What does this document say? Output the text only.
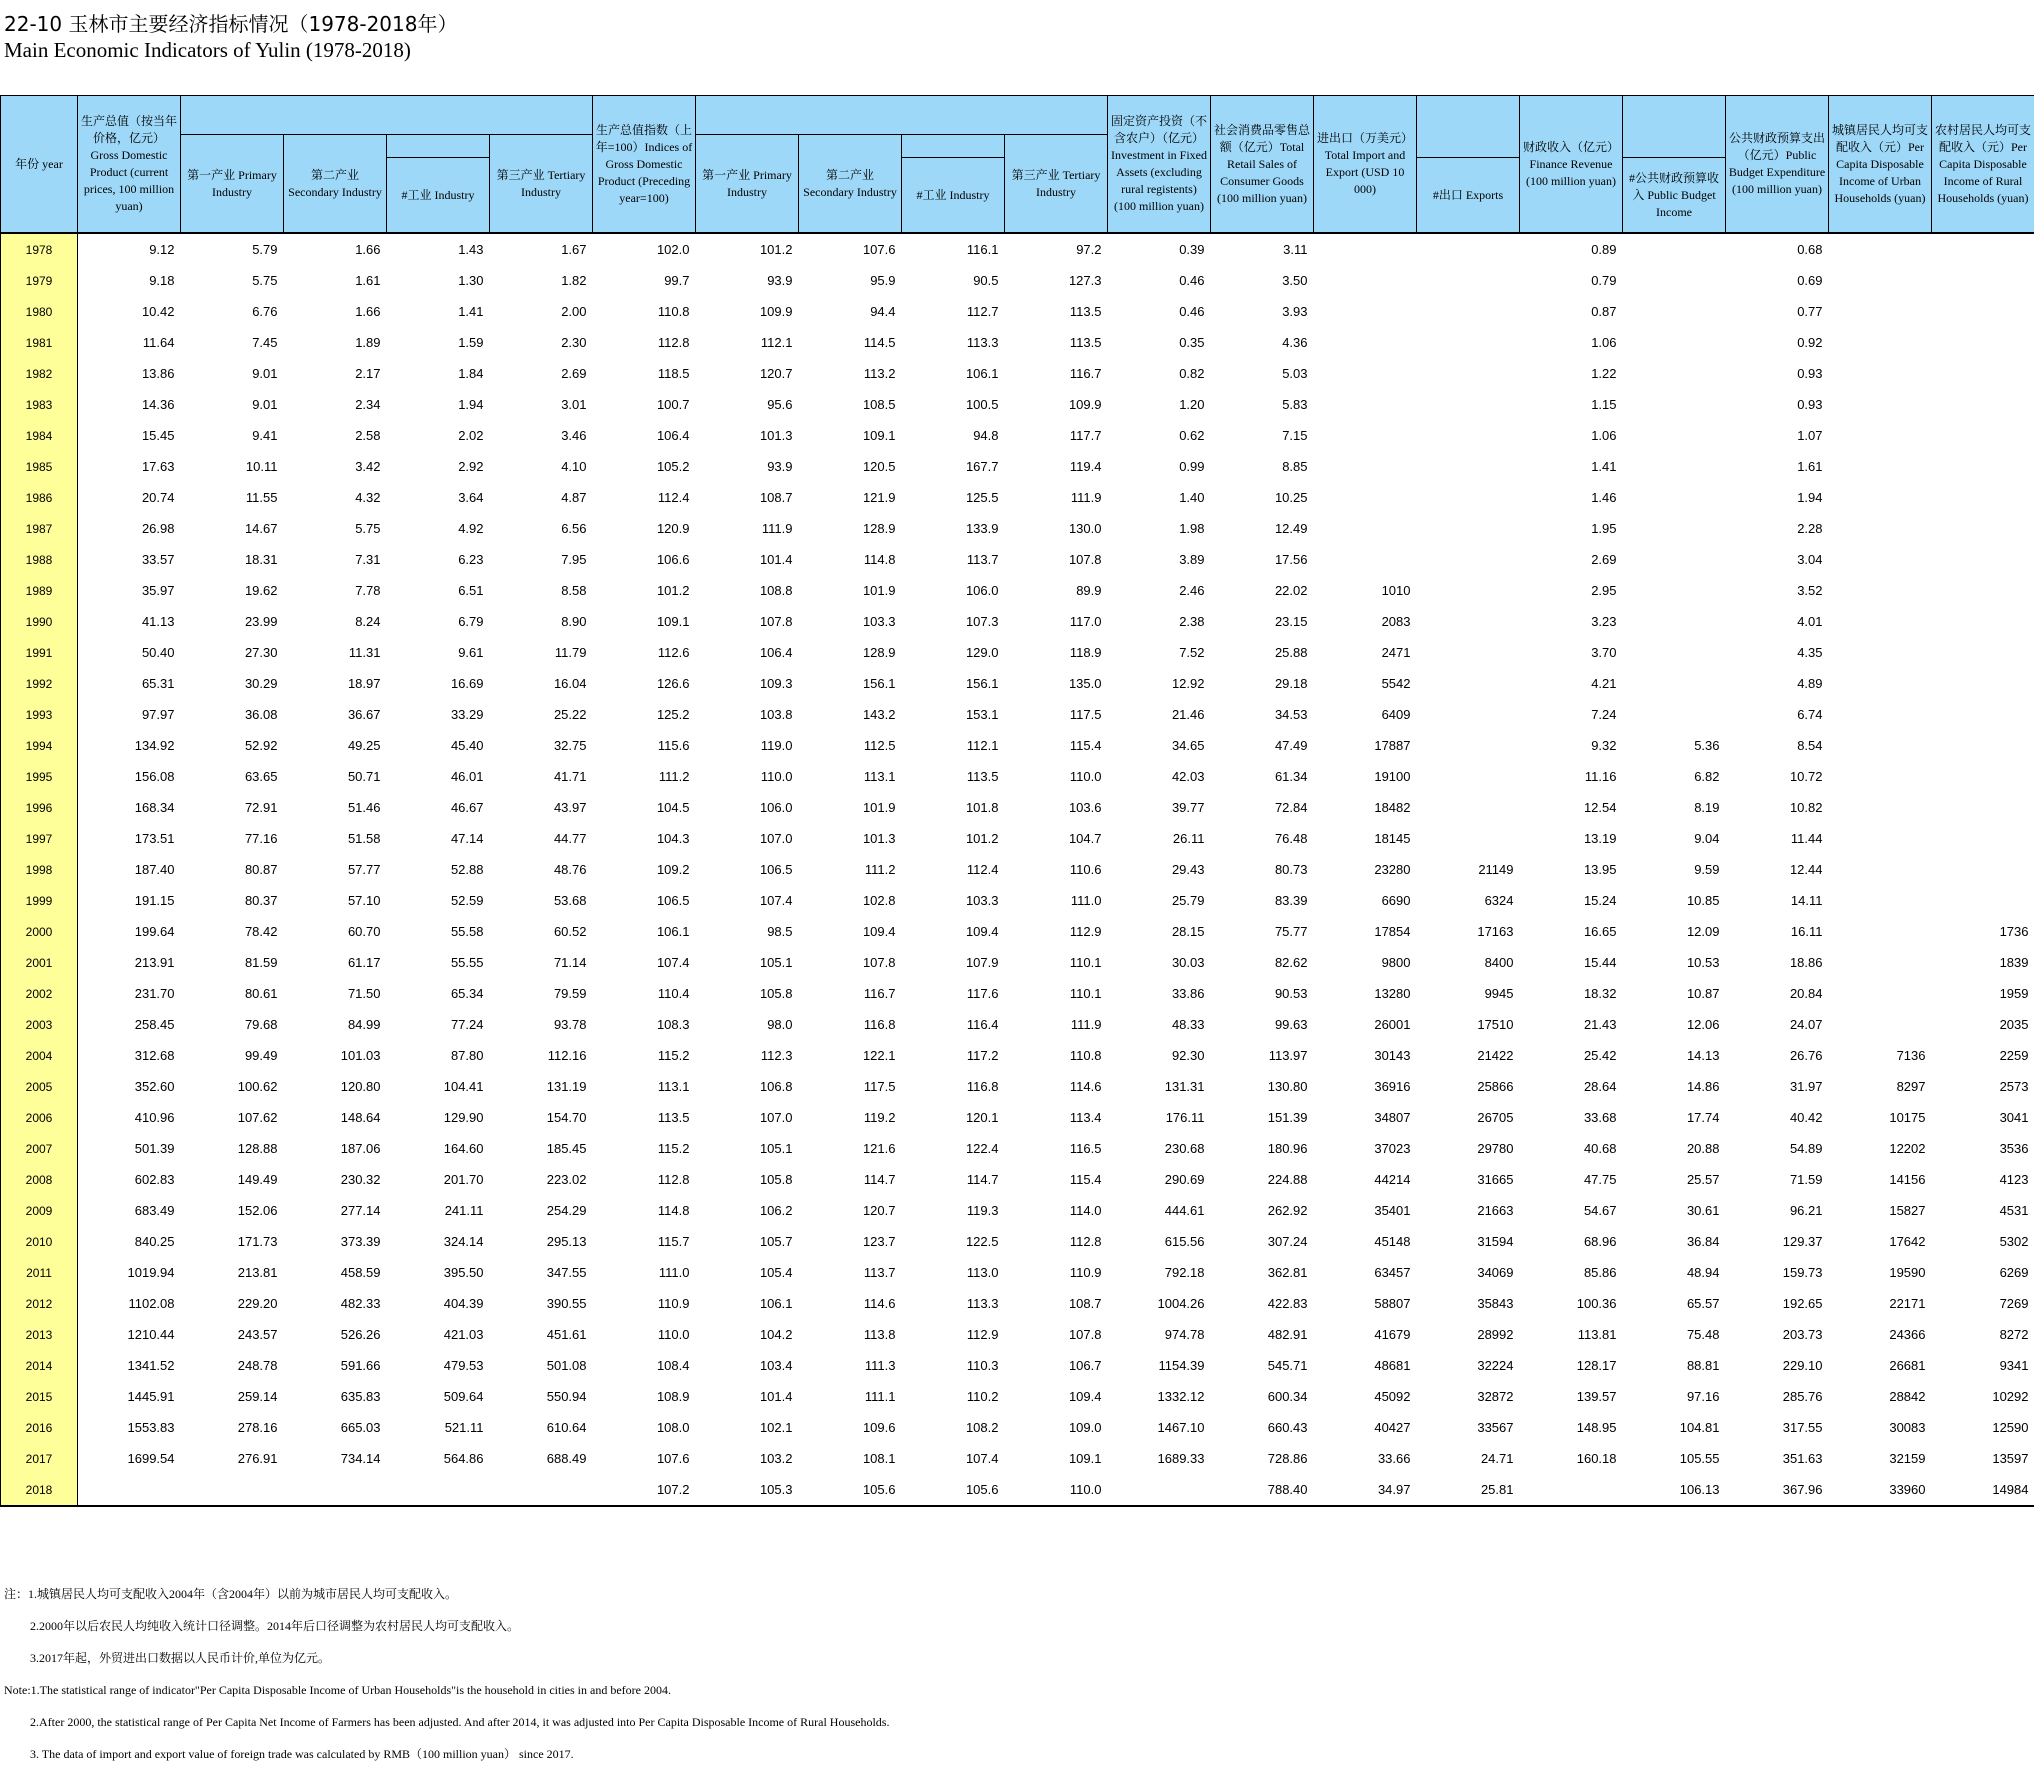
22-10 玉林市主要经济指标情况（1978-2018年）
Main Economic Indicators of Yulin (1978-2018)
年份 year	生产总值（按当年价格，亿元）Gross Domestic Product (current prices, 100 million yuan)					生产总值指数（上年=100）Indices of Gross Domestic Product (Preceding year=100)					固定资产投资（不含农户）（亿元）Investment in Fixed Assets (excluding rural registents) (100 million yuan)	社会消费品零售总额（亿元）Total Retail Sales of Consumer Goods (100 million yuan)	进出口（万美元）Total Import and Export (USD 10 000)		财政收入（亿元）Finance Revenue (100 million yuan)		公共财政预算支出（亿元）Public Budget Expenditure (100 million yuan)	城镇居民人均可支配收入（元）Per Capita Disposable Income of Urban Households (yuan)	农村居民人均可支配收入（元）Per Capita Disposable Income of Rural Households (yuan)
		第一产业 Primary Industry	第二产业 Secondary Industry		第三产业 Tertiary Industry		第一产业 Primary Industry	第二产业 Secondary Industry		第三产业 Tertiary Industry									
				#工业 Industry					#工业 Industry					#出口 Exports		#公共财政预算收入 Public Budget Income			

1978	9.12	5.79	1.66	1.43	1.67	102.0	101.2	107.6	116.1	97.2	0.39	3.11			0.89		0.68		

1979	9.18	5.75	1.61	1.30	1.82	99.7	93.9	95.9	90.5	127.3	0.46	3.50			0.79		0.69		

1980	10.42	6.76	1.66	1.41	2.00	110.8	109.9	94.4	112.7	113.5	0.46	3.93			0.87		0.77		

1981	11.64	7.45	1.89	1.59	2.30	112.8	112.1	114.5	113.3	113.5	0.35	4.36			1.06		0.92		

1982	13.86	9.01	2.17	1.84	2.69	118.5	120.7	113.2	106.1	116.7	0.82	5.03			1.22		0.93		

1983	14.36	9.01	2.34	1.94	3.01	100.7	95.6	108.5	100.5	109.9	1.20	5.83			1.15		0.93		

1984	15.45	9.41	2.58	2.02	3.46	106.4	101.3	109.1	94.8	117.7	0.62	7.15			1.06		1.07		

1985	17.63	10.11	3.42	2.92	4.10	105.2	93.9	120.5	167.7	119.4	0.99	8.85			1.41		1.61		

1986	20.74	11.55	4.32	3.64	4.87	112.4	108.7	121.9	125.5	111.9	1.40	10.25			1.46		1.94		

1987	26.98	14.67	5.75	4.92	6.56	120.9	111.9	128.9	133.9	130.0	1.98	12.49			1.95		2.28		

1988	33.57	18.31	7.31	6.23	7.95	106.6	101.4	114.8	113.7	107.8	3.89	17.56			2.69		3.04		

1989	35.97	19.62	7.78	6.51	8.58	101.2	108.8	101.9	106.0	89.9	2.46	22.02	1010		2.95		3.52		

1990	41.13	23.99	8.24	6.79	8.90	109.1	107.8	103.3	107.3	117.0	2.38	23.15	2083		3.23		4.01		

1991	50.40	27.30	11.31	9.61	11.79	112.6	106.4	128.9	129.0	118.9	7.52	25.88	2471		3.70		4.35		

1992	65.31	30.29	18.97	16.69	16.04	126.6	109.3	156.1	156.1	135.0	12.92	29.18	5542		4.21		4.89		

1993	97.97	36.08	36.67	33.29	25.22	125.2	103.8	143.2	153.1	117.5	21.46	34.53	6409		7.24		6.74		

1994	134.92	52.92	49.25	45.40	32.75	115.6	119.0	112.5	112.1	115.4	34.65	47.49	17887		9.32	5.36	8.54		

1995	156.08	63.65	50.71	46.01	41.71	111.2	110.0	113.1	113.5	110.0	42.03	61.34	19100		11.16	6.82	10.72		

1996	168.34	72.91	51.46	46.67	43.97	104.5	106.0	101.9	101.8	103.6	39.77	72.84	18482		12.54	8.19	10.82		

1997	173.51	77.16	51.58	47.14	44.77	104.3	107.0	101.3	101.2	104.7	26.11	76.48	18145		13.19	9.04	11.44		

1998	187.40	80.87	57.77	52.88	48.76	109.2	106.5	111.2	112.4	110.6	29.43	80.73	23280	21149	13.95	9.59	12.44		

1999	191.15	80.37	57.10	52.59	53.68	106.5	107.4	102.8	103.3	111.0	25.79	83.39	6690	6324	15.24	10.85	14.11		

2000	199.64	78.42	60.70	55.58	60.52	106.1	98.5	109.4	109.4	112.9	28.15	75.77	17854	17163	16.65	12.09	16.11		1736

2001	213.91	81.59	61.17	55.55	71.14	107.4	105.1	107.8	107.9	110.1	30.03	82.62	9800	8400	15.44	10.53	18.86		1839

2002	231.70	80.61	71.50	65.34	79.59	110.4	105.8	116.7	117.6	110.1	33.86	90.53	13280	9945	18.32	10.87	20.84		1959

2003	258.45	79.68	84.99	77.24	93.78	108.3	98.0	116.8	116.4	111.9	48.33	99.63	26001	17510	21.43	12.06	24.07		2035

2004	312.68	99.49	101.03	87.80	112.16	115.2	112.3	122.1	117.2	110.8	92.30	113.97	30143	21422	25.42	14.13	26.76	7136	2259

2005	352.60	100.62	120.80	104.41	131.19	113.1	106.8	117.5	116.8	114.6	131.31	130.80	36916	25866	28.64	14.86	31.97	8297	2573

2006	410.96	107.62	148.64	129.90	154.70	113.5	107.0	119.2	120.1	113.4	176.11	151.39	34807	26705	33.68	17.74	40.42	10175	3041

2007	501.39	128.88	187.06	164.60	185.45	115.2	105.1	121.6	122.4	116.5	230.68	180.96	37023	29780	40.68	20.88	54.89	12202	3536

2008	602.83	149.49	230.32	201.70	223.02	112.8	105.8	114.7	114.7	115.4	290.69	224.88	44214	31665	47.75	25.57	71.59	14156	4123

2009	683.49	152.06	277.14	241.11	254.29	114.8	106.2	120.7	119.3	114.0	444.61	262.92	35401	21663	54.67	30.61	96.21	15827	4531

2010	840.25	171.73	373.39	324.14	295.13	115.7	105.7	123.7	122.5	112.8	615.56	307.24	45148	31594	68.96	36.84	129.37	17642	5302

2011	1019.94	213.81	458.59	395.50	347.55	111.0	105.4	113.7	113.0	110.9	792.18	362.81	63457	34069	85.86	48.94	159.73	19590	6269

2012	1102.08	229.20	482.33	404.39	390.55	110.9	106.1	114.6	113.3	108.7	1004.26	422.83	58807	35843	100.36	65.57	192.65	22171	7269

2013	1210.44	243.57	526.26	421.03	451.61	110.0	104.2	113.8	112.9	107.8	974.78	482.91	41679	28992	113.81	75.48	203.73	24366	8272

2014	1341.52	248.78	591.66	479.53	501.08	108.4	103.4	111.3	110.3	106.7	1154.39	545.71	48681	32224	128.17	88.81	229.10	26681	9341

2015	1445.91	259.14	635.83	509.64	550.94	108.9	101.4	111.1	110.2	109.4	1332.12	600.34	45092	32872	139.57	97.16	285.76	28842	10292

2016	1553.83	278.16	665.03	521.11	610.64	108.0	102.1	109.6	108.2	109.0	1467.10	660.43	40427	33567	148.95	104.81	317.55	30083	12590

2017	1699.54	276.91	734.14	564.86	688.49	107.6	103.2	108.1	107.4	109.1	1689.33	728.86	33.66	24.71	160.18	105.55	351.63	32159	13597

2018						107.2	105.3	105.6	105.6	110.0		788.40	34.97	25.81		106.13	367.96	33960	14984
注：1.城镇居民人均可支配收入2004年（含2004年）以前为城市居民人均可支配收入。
2.2000年以后农民人均纯收入统计口径调整。2014年后口径调整为农村居民人均可支配收入。
3.2017年起，外贸进出口数据以人民币计价,单位为亿元。
Note:1.The statistical range of indicator"Per Capita Disposable Income of Urban Households"is the household in cities in and before 2004.
2.After 2000, the statistical range of Per Capita Net Income of Farmers has been adjusted. And after 2014, it was adjusted into Per Capita Disposable Income of Rural Households.
3. The data of import and export value of foreign trade was calculated by RMB（100 million yuan） since 2017.
